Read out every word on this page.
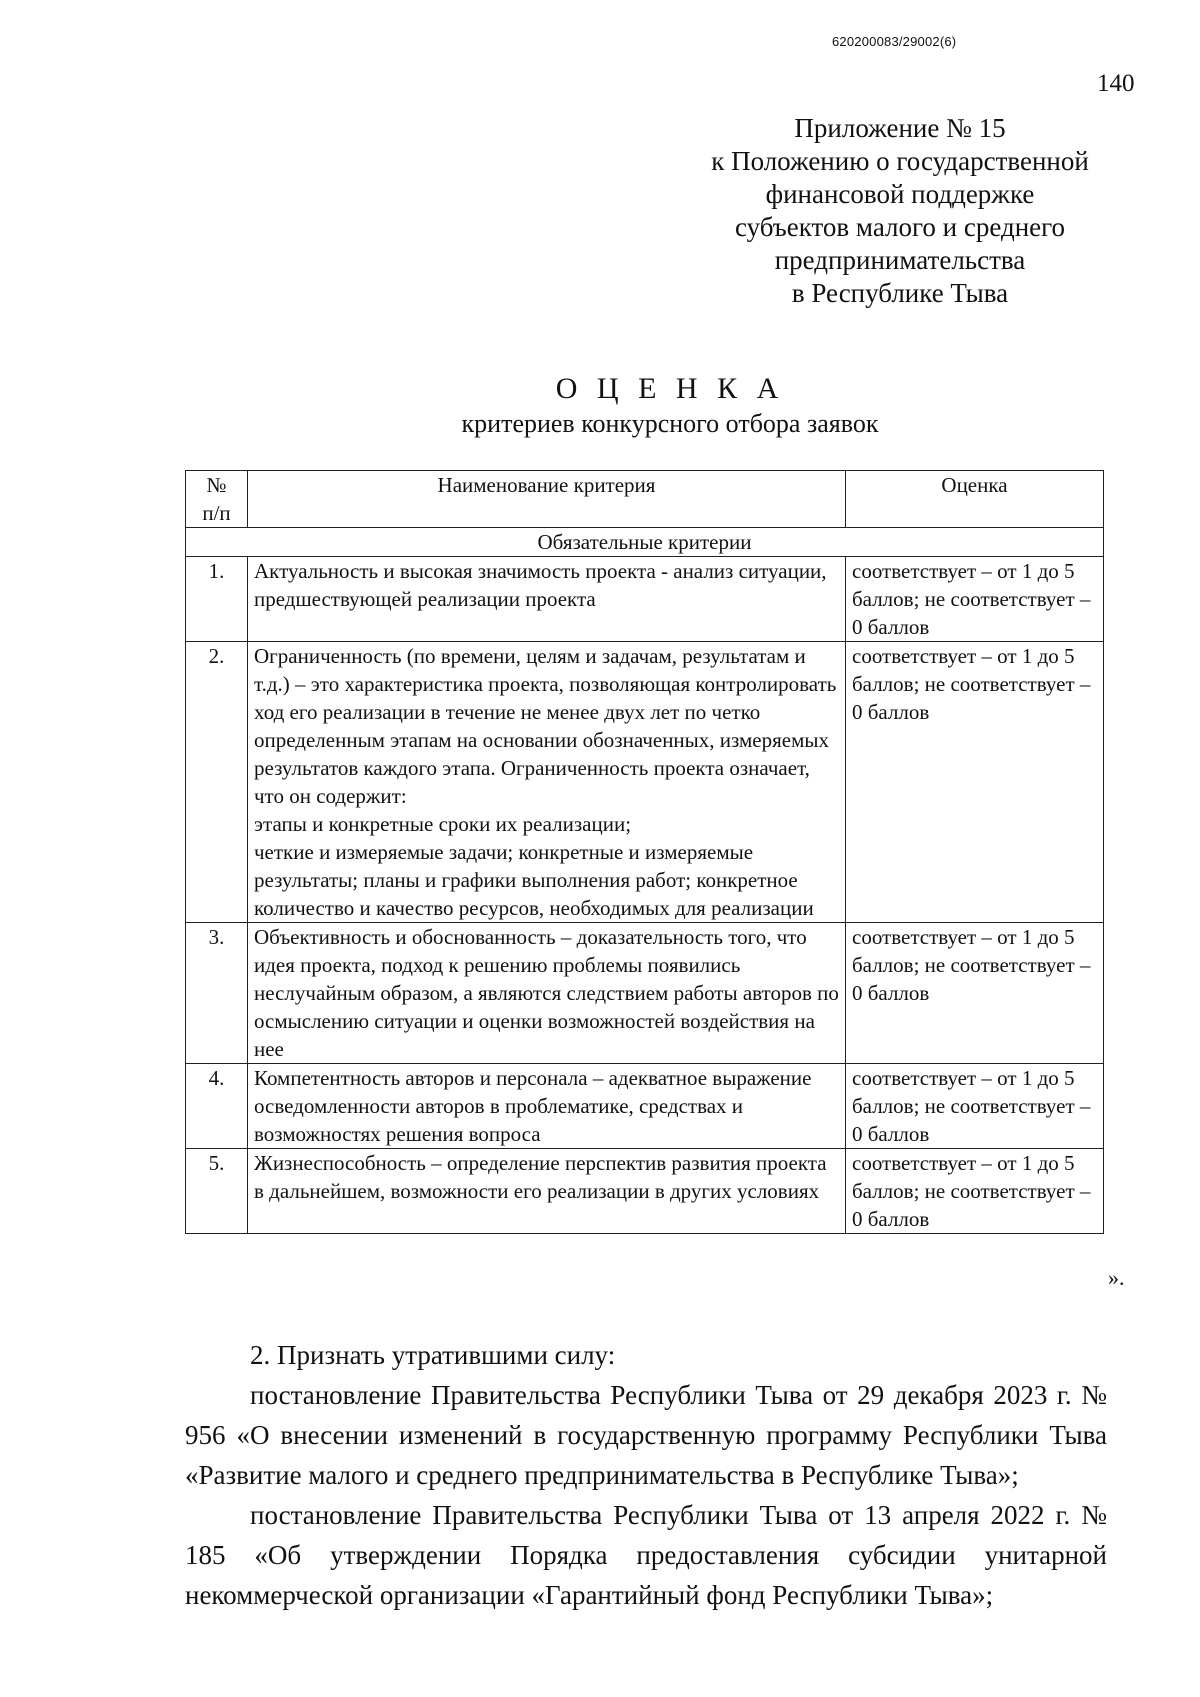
620200083/29002(6)
140
Приложение № 15
к Положению о государственной
финансовой поддержке
субъектов малого и среднего
предпринимательства
в Республике Тыва
О Ц Е Н К А
критериев конкурсного отбора заявок
№
п/п	Наименование критерия	Оценка
Обязательные критерии		
1.	Актуальность и высокая значимость проекта - анализ ситуации, предшествующей реализации проекта	соответствует – от 1 до 5 баллов; не соответствует – 0 баллов
2.	Ограниченность (по времени, целям и задачам, результатам и т.д.) – это характеристика проекта, позволяющая контролировать ход его реализации в течение не менее двух лет по четко определенным этапам на основании обозначенных, измеряемых результатов каждого этапа. Ограниченность проекта означает, что он содержит:
этапы и конкретные сроки их реализации;
четкие и измеряемые задачи; конкретные и измеряемые результаты; планы и графики выполнения работ; конкретное количество и качество ресурсов, необходимых для реализации	соответствует – от 1 до 5 баллов; не соответствует – 0 баллов
3.	Объективность и обоснованность – доказательность того, что идея проекта, подход к решению проблемы появились неслучайным образом, а являются следствием работы авторов по осмыслению ситуации и оценки возможностей воздействия на нее	соответствует – от 1 до 5 баллов; не соответствует – 0 баллов
4.	Компетентность авторов и персонала – адекватное выражение осведомленности авторов в проблематике, средствах и возможностях решения вопроса	соответствует – от 1 до 5 баллов; не соответствует – 0 баллов
5.	Жизнеспособность – определение перспектив развития проекта в дальнейшем, возможности его реализации в других условиях	соответствует – от 1 до 5 баллов; не соответствует – 0 баллов
».

2. Признать утратившими силу:

постановление Правительства Республики Тыва от 29 декабря 2023 г. № 956 «О внесении изменений в государственную программу Республики Тыва «Развитие малого и среднего предпринимательства в Республике Тыва»;

постановление Правительства Республики Тыва от 13 апреля 2022 г. № 185 «Об утверждении Порядка предоставления субсидии унитарной некоммерческой организации «Гарантийный фонд Республики Тыва»;
